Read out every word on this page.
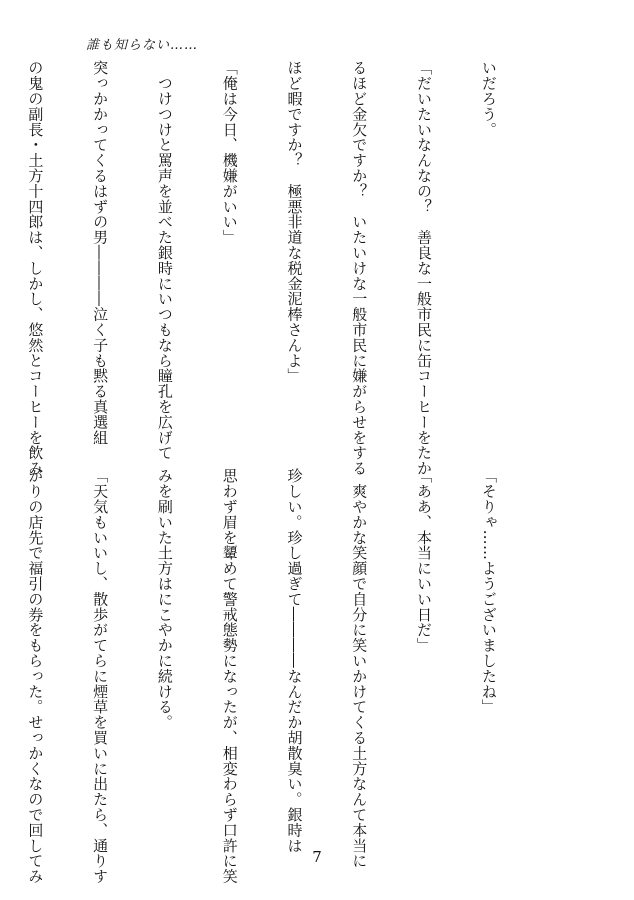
誰も知らない……

いだろう。

「だいたいなんなの？　善良な一般市民に缶コーヒーをたか

るほど金欠ですか？　いたいけな一般市民に嫌がらせをする

ほど暇ですか？　極悪非道な税金泥棒さんよ」

「俺は今日、機嫌がいい」

　つけつけと罵声を並べた銀時にいつもなら瞳孔を広げて

突っかかってくるはずの男――――泣く子も黙る真選組

の鬼の副長・土方十四郎は、しかし、悠然とコーヒーを飲み

「そりゃ……ようございましたね」

「ああ、本当にいい日だ」

　爽やかな笑顔で自分に笑いかけてくる土方なんて本当に

珍しい。珍し過ぎて――――なんだか胡散臭い。銀時は

思わず眉を顰めて警戒態勢になったが、相変わらず口許に笑

みを刷いた土方はにこやかに続ける。

「天気もいいし、散歩がてらに煙草を買いに出たら、通りす

がりの店先で福引の券をもらった。せっかくなので回してみ

	7
